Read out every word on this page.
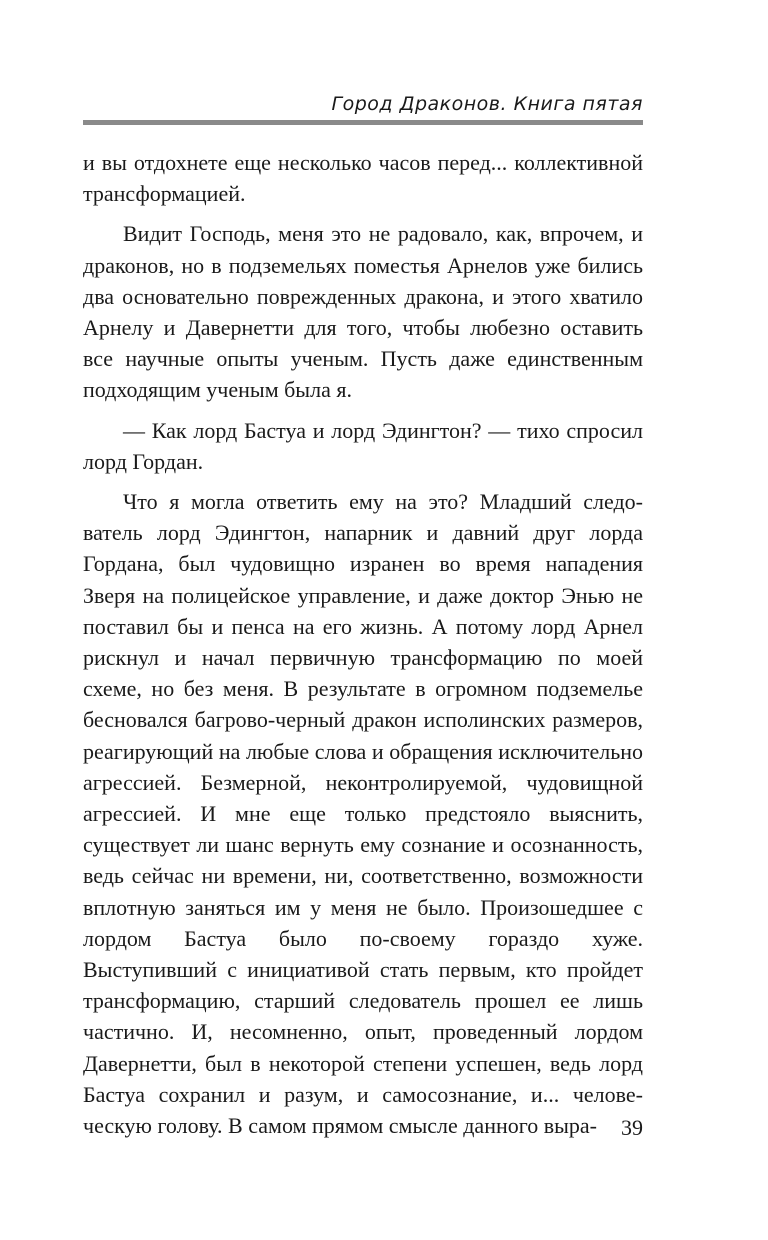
Город Драконов. Книга пятая

и вы отдохнете еще несколько часов перед... коллективной трансформацией.

Видит Господь, меня это не радовало, как, впрочем, и драконов, но в подземельях поместья Арнелов уже бились два основательно поврежденных дракона, и этого хватило Арнелу и Давернетти для того, чтобы любезно оставить все научные опыты ученым. Пусть даже единственным подходящим ученым была я.

— Как лорд Бастуа и лорд Эдингтон? — тихо спросил лорд Гордан.

Что я могла ответить ему на это? Младший следователь лорд Эдингтон, напарник и давний друг лорда Гордана, был чудовищно изранен во время нападения Зверя на полицейское управление, и даже доктор Энью не поставил бы и пенса на его жизнь. А потому лорд Арнел рискнул и начал первичную трансформацию по моей схеме, но без меня. В результате в огромном подземелье бесновался багрово-черный дракон исполинских размеров, реагирующий на любые слова и обращения исключительно агрессией. Безмерной, неконтролируемой, чудовищной агрессией. И мне еще только предстояло выяснить, существует ли шанс вернуть ему сознание и осознанность, ведь сейчас ни времени, ни, соответственно, возможности вплотную заняться им у меня не было. Произошедшее с лордом Бастуа было по-своему гораздо хуже. Выступивший с инициативой стать первым, кто пройдет трансформацию, старший следователь прошел ее лишь частично. И, несомненно, опыт, проведенный лордом Давернетти, был в некоторой степени успешен, ведь лорд Бастуа сохранил и разум, и самосознание, и... человеческую голову. В самом прямом смысле данного выра-	39
